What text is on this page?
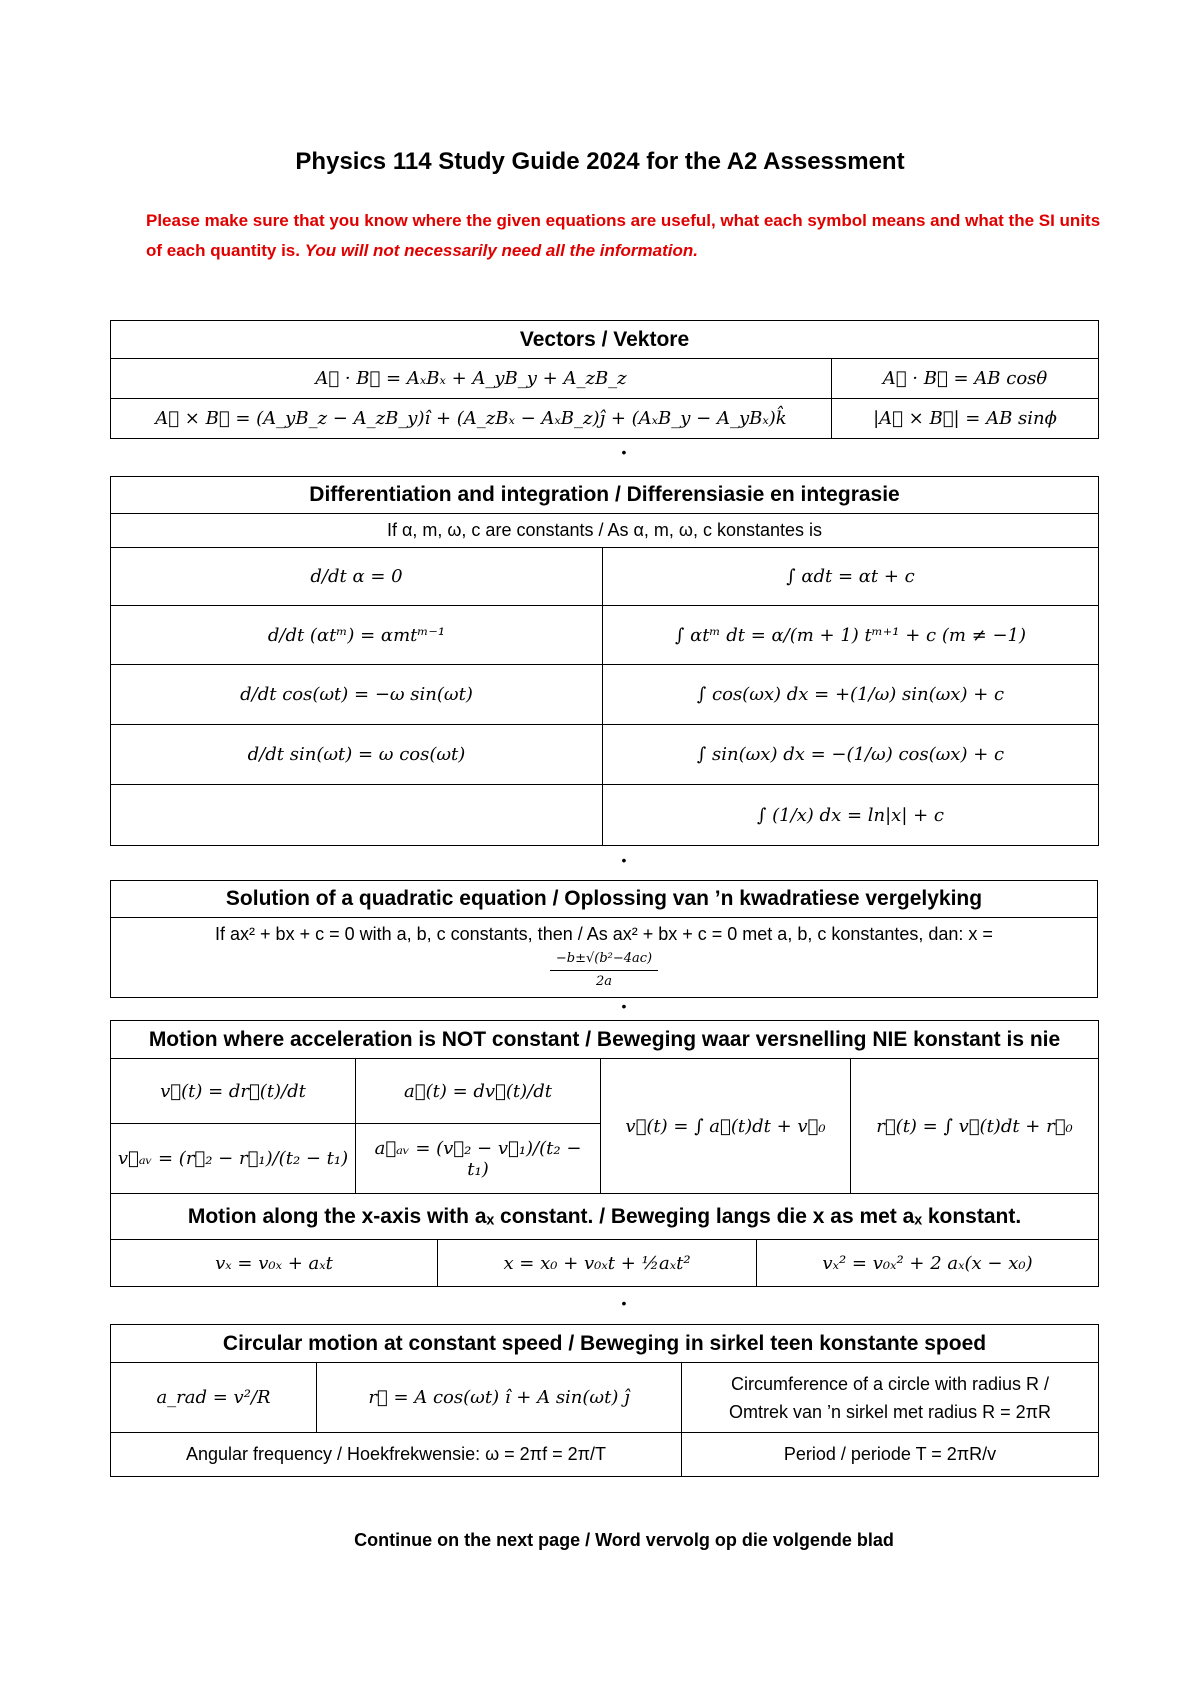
Physics 114 Study Guide 2024 for the A2 Assessment
Please make sure that you know where the given equations are useful, what each symbol means and what the SI units of each quantity is. You will not necessarily need all the information.
Vectors / Vektore	
A⃗ · B⃗ = AₓBₓ + A_yB_y + A_zB_z	A⃗ · B⃗ = AB cosθ
A⃗ × B⃗ = (A_yB_z − A_zB_y)î + (A_zBₓ − AₓB_z)ĵ + (AₓB_y − A_yBₓ)k̂	|A⃗ × B⃗| = AB sinϕ
•
Differentiation and integration / Differensiasie en integrasie	
If α, m, ω, c are constants / As α, m, ω, c konstantes is	
d/dt α = 0	∫ αdt = αt + c
d/dt (αtᵐ) = αmtᵐ⁻¹	∫ αtᵐ dt = α/(m + 1) tᵐ⁺¹ + c (m ≠ −1)
d/dt cos(ωt) = −ω sin(ωt)	∫ cos(ωx) dx = +(1/ω) sin(ωx) + c
d/dt sin(ωt) = ω cos(ωt)	∫ sin(ωx) dx = −(1/ω) cos(ωx) + c
	∫ (1/x) dx = ln|x| + c
•
Solution of a quadratic equation / Oplossing van ’n kwadratiese vergelyking

If ax² + bx + c = 0 with a, b, c constants, then / As ax² + bx + c = 0 met a, b, c konstantes, dan: x =
−b±√(b²−4ac)
2a
•
Motion where acceleration is NOT constant / Beweging waar versnelling NIE konstant is nie					
v⃗(t) = dr⃗(t)/dt	a⃗(t) = dv⃗(t)/dt		v⃗(t) = ∫ a⃗(t)dt + v⃗₀		r⃗(t) = ∫ v⃗(t)dt + r⃗₀
v⃗ₐᵥ = (r⃗₂ − r⃗₁)/(t₂ − t₁)	a⃗ₐᵥ = (v⃗₂ − v⃗₁)/(t₂ − t₁)				
Motion along the x-axis with aₓ constant. / Beweging langs die x as met aₓ konstant.					
vₓ = v₀ₓ + aₓt		x = x₀ + v₀ₓt + ½aₓt²		vₓ² = v₀ₓ² + 2 aₓ(x − x₀)	
•
Circular motion at constant speed / Beweging in sirkel teen konstante spoed		
a_rad = v²/R	r⃗ = A cos(ωt) î + A sin(ωt) ĵ	Circumference of a circle with radius R /
Omtrek van ’n sirkel met radius R = 2πR

Angular frequency / Hoekfrekwensie: ω = 2πf = 2π/T		Period / periode T = 2πR/v
Continue on the next page / Word vervolg op die volgende blad
